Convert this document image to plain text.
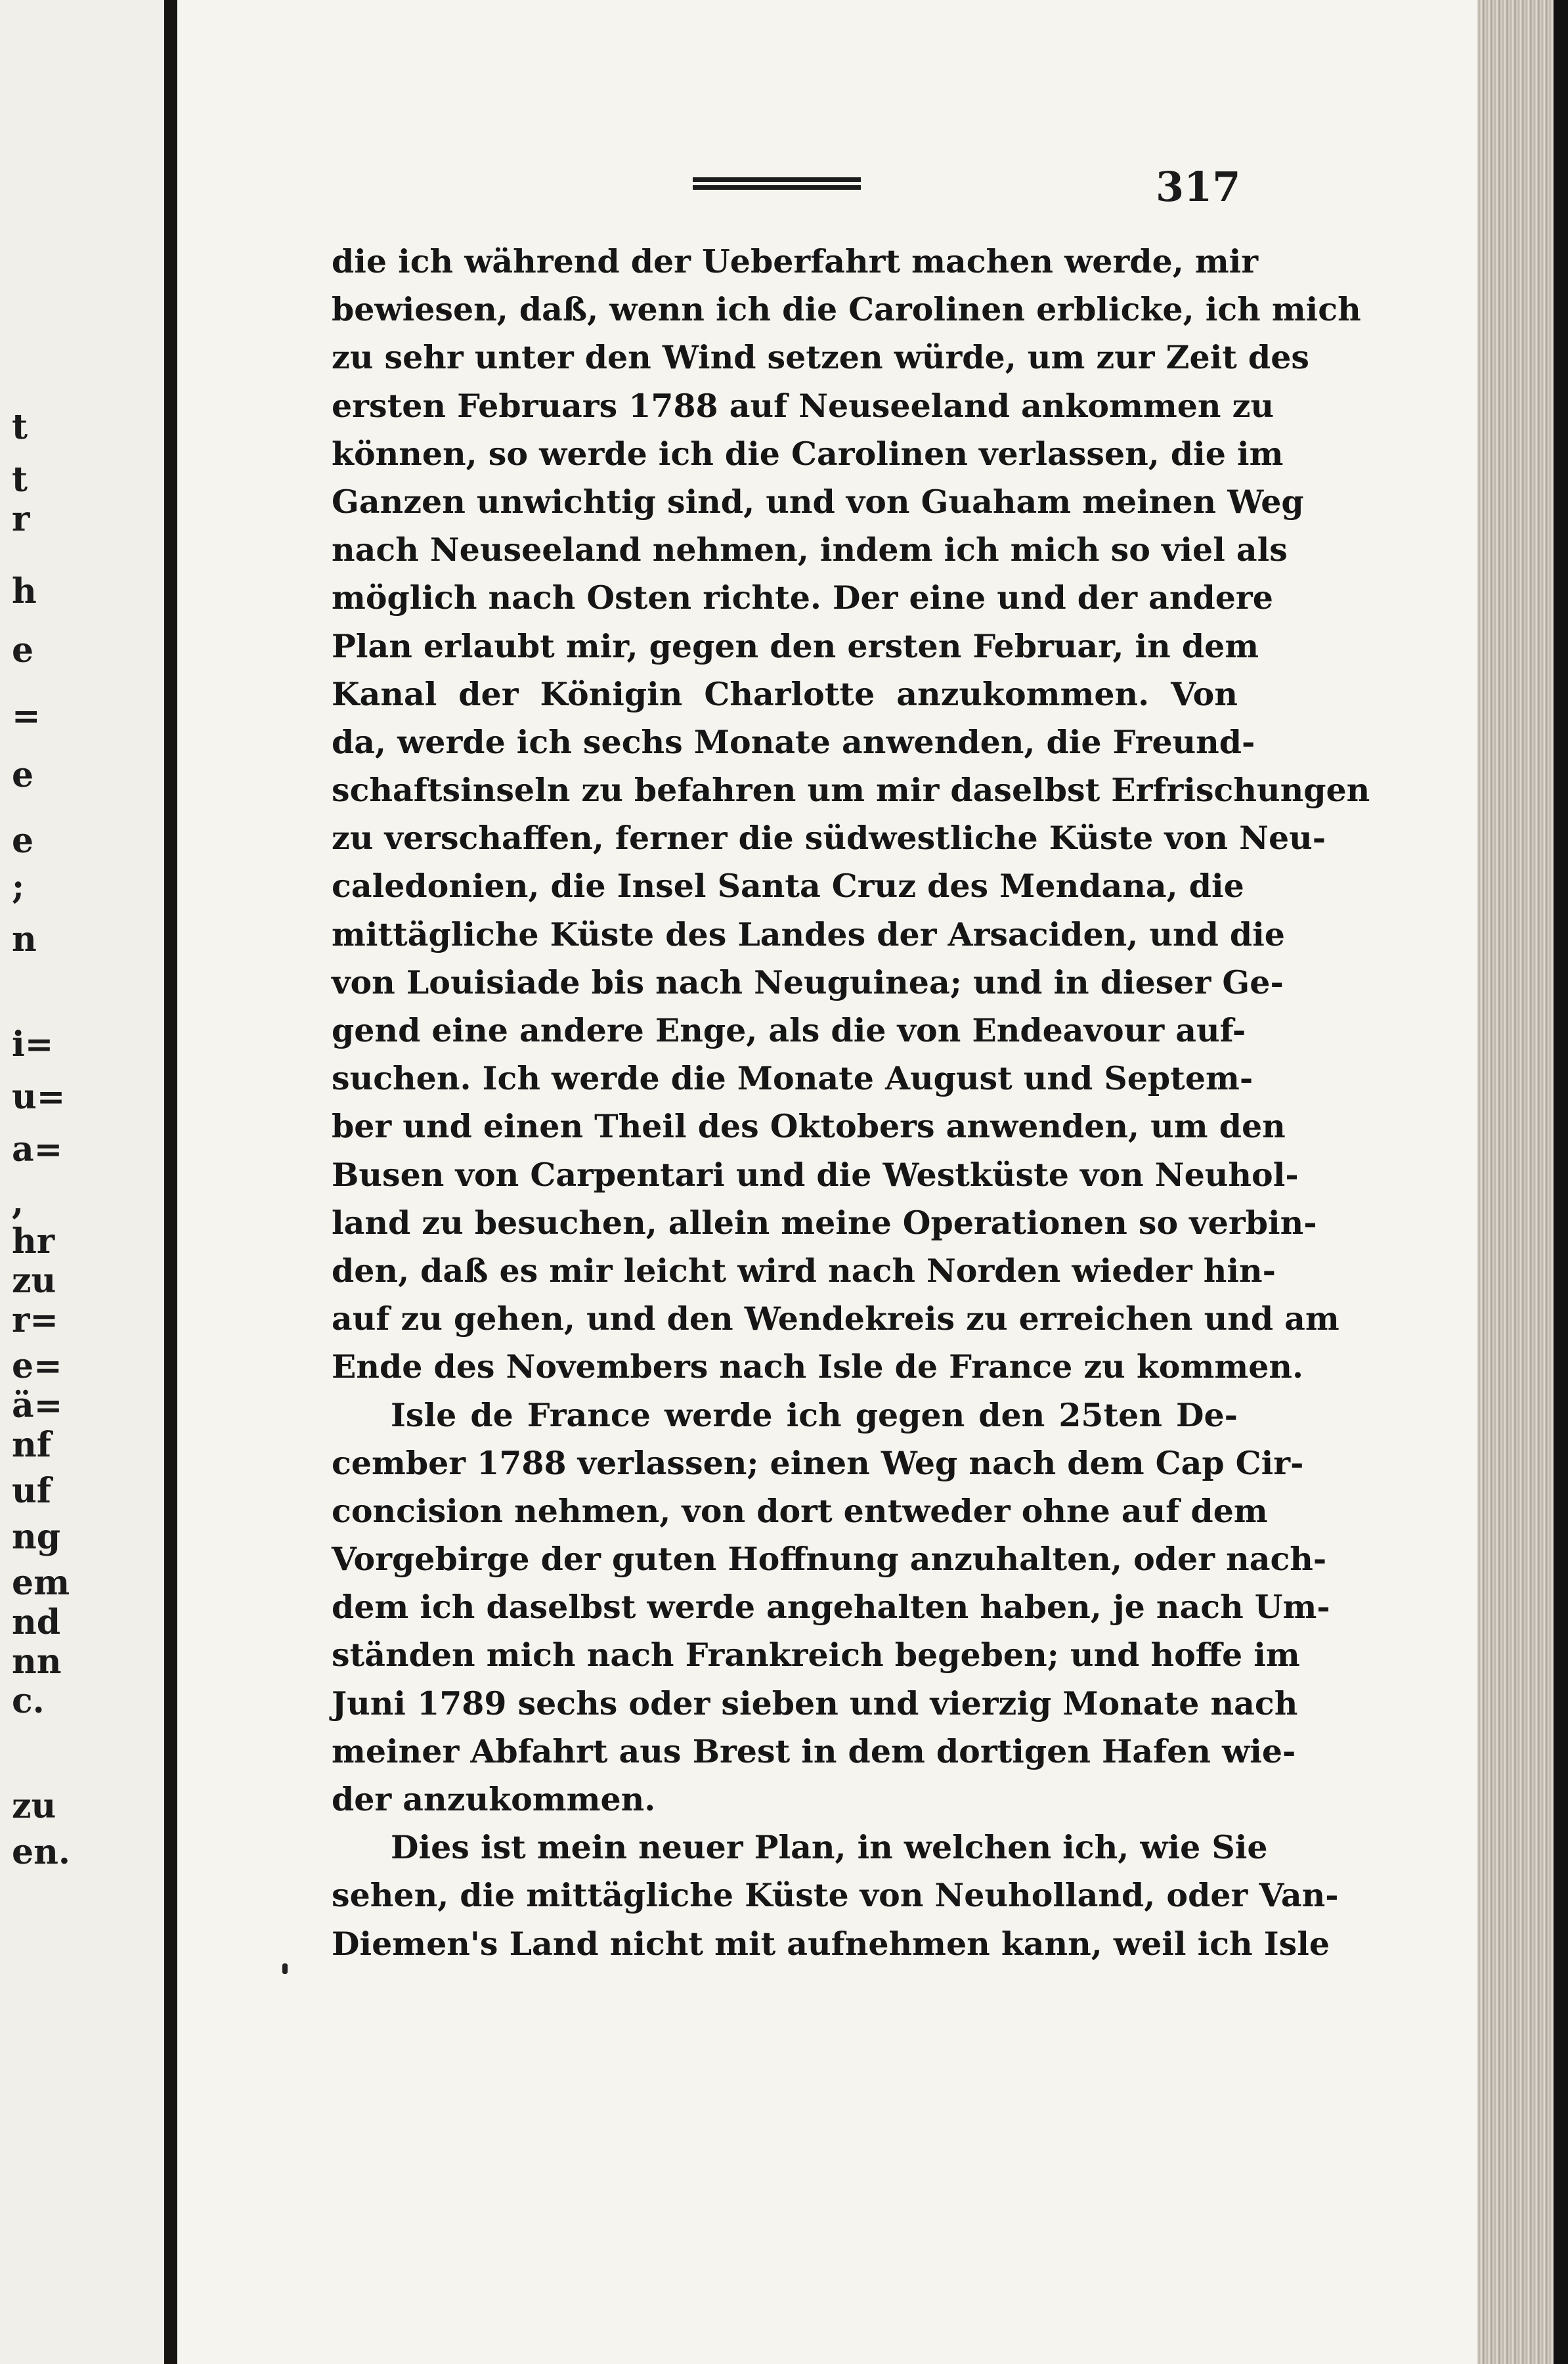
t
t
r
h
e
=
e
e
;
n
i=
u=
a=
,
hr
zu
r=
e=
ä=
nf
uf
ng
em
nd
nn
c.
zu
en.
317
die ich während der Ueberfahrt machen werde, mir
bewiesen, daß, wenn ich die Carolinen erblicke, ich mich
zu sehr unter den Wind setzen würde, um zur Zeit des
ersten Februars 1788 auf Neuseeland ankommen zu
können, so werde ich die Carolinen verlassen, die im
Ganzen unwichtig sind, und von Guaham meinen Weg
nach Neuseeland nehmen, indem ich mich so viel als
möglich nach Osten richte. Der eine und der andere
Plan erlaubt mir, gegen den ersten Februar, in dem
Kanal der Königin Charlotte anzukommen. Von
da, werde ich sechs Monate anwenden, die Freund-
schaftsinseln zu befahren um mir daselbst Erfrischungen
zu verschaffen, ferner die südwestliche Küste von Neu-
caledonien, die Insel Santa Cruz des Mendana, die
mittägliche Küste des Landes der Arsaciden, und die
von Louisiade bis nach Neuguinea; und in dieser Ge-
gend eine andere Enge, als die von Endeavour auf-
suchen. Ich werde die Monate August und Septem-
ber und einen Theil des Oktobers anwenden, um den
Busen von Carpentari und die Westküste von Neuhol-
land zu besuchen, allein meine Operationen so verbin-
den, daß es mir leicht wird nach Norden wieder hin-
auf zu gehen, und den Wendekreis zu erreichen und am
Ende des Novembers nach Isle de France zu kommen.
Isle de France werde ich gegen den 25ten De-
cember 1788 verlassen; einen Weg nach dem Cap Cir-
concision nehmen, von dort entweder ohne auf dem
Vorgebirge der guten Hoffnung anzuhalten, oder nach-
dem ich daselbst werde angehalten haben, je nach Um-
ständen mich nach Frankreich begeben; und hoffe im
Juni 1789 sechs oder sieben und vierzig Monate nach
meiner Abfahrt aus Brest in dem dortigen Hafen wie-
der anzukommen.
Dies ist mein neuer Plan, in welchen ich, wie Sie
sehen, die mittägliche Küste von Neuholland, oder Van-
Diemen's Land nicht mit aufnehmen kann, weil ich Isle
